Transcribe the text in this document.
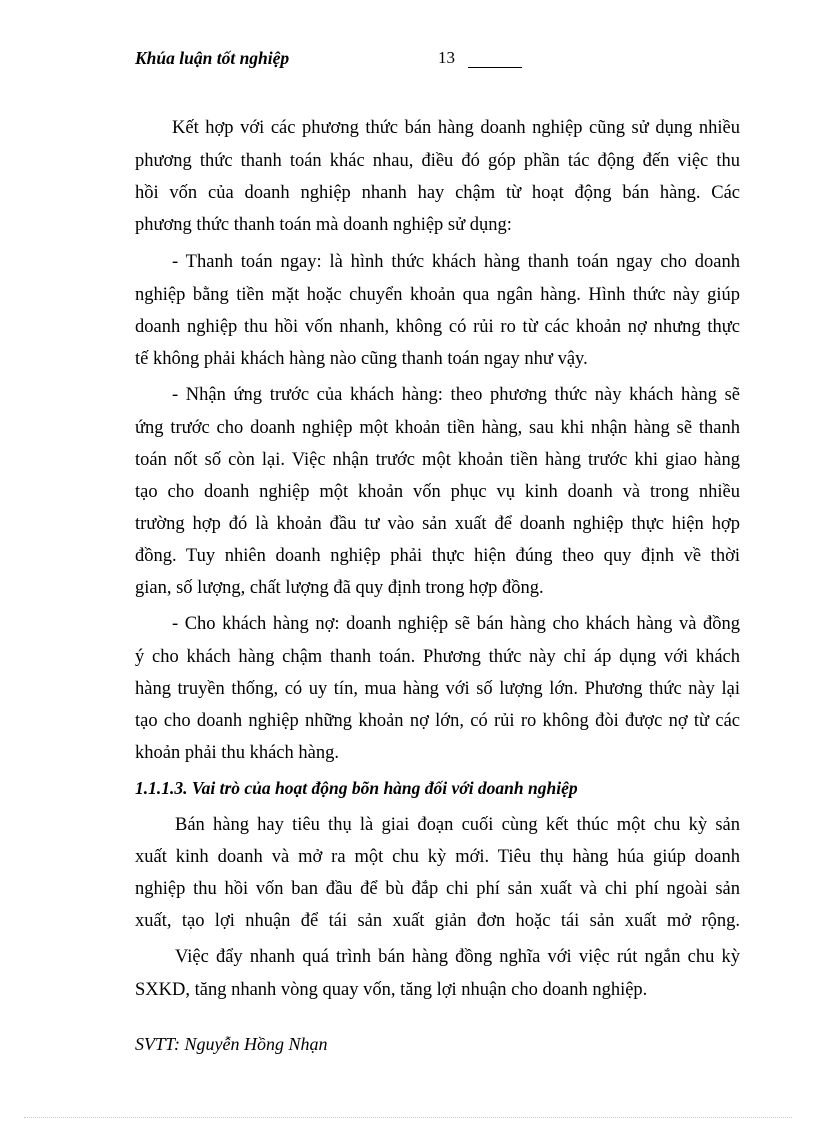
Khúa luận tốt nghiệp	13
Kết hợp với các phương thức bán hàng doanh nghiệp cũng sử dụng nhiều
phương thức thanh toán khác nhau, điều đó góp phần tác động đến việc thu
hồi vốn của doanh nghiệp nhanh hay chậm từ hoạt động bán hàng. Các
phương thức thanh toán mà doanh nghiệp sử dụng:
- Thanh toán ngay: là hình thức khách hàng thanh toán ngay cho doanh
nghiệp bằng tiền mặt hoặc chuyển khoản qua ngân hàng. Hình thức này giúp
doanh nghiệp thu hồi vốn nhanh, không có rủi ro từ các khoản nợ nhưng thực
tế không phải khách hàng nào cũng thanh toán ngay như vậy.
- Nhận ứng trước của khách hàng: theo phương thức này khách hàng sẽ
ứng trước cho doanh nghiệp một khoản tiền hàng, sau khi nhận hàng sẽ thanh
toán nốt số còn lại. Việc nhận trước một khoản tiền hàng trước khi giao hàng
tạo cho doanh nghiệp một khoản vốn phục vụ kinh doanh và trong nhiều
trường hợp đó là khoản đầu tư vào sản xuất để doanh nghiệp thực hiện hợp
đồng. Tuy nhiên doanh nghiệp phải thực hiện đúng theo quy định về thời
gian, số lượng, chất lượng đã quy định trong hợp đồng.
- Cho khách hàng nợ: doanh nghiệp sẽ bán hàng cho khách hàng và đồng
ý cho khách hàng chậm thanh toán. Phương thức này chỉ áp dụng với khách
hàng truyền thống, có uy tín, mua hàng với số lượng lớn. Phương thức này lại
tạo cho doanh nghiệp những khoản nợ lớn, có rủi ro không đòi được nợ từ các
khoản phải thu khách hàng.
1.1.1.3. Vai trò của hoạt động bõn hàng đối với doanh nghiệp
Bán hàng hay tiêu thụ là giai đoạn cuối cùng kết thúc một chu kỳ sản
xuất kinh doanh và mở ra một chu kỳ mới. Tiêu thụ hàng húa giúp doanh
nghiệp thu hồi vốn ban đầu để bù đắp chi phí sản xuất và chi phí ngoài sản
xuất, tạo lợi nhuận để tái sản xuất giản đơn hoặc tái sản xuất mở rộng.
Việc đẩy nhanh quá trình bán hàng đồng nghĩa với việc rút ngắn chu kỳ
SXKD, tăng nhanh vòng quay vốn, tăng lợi nhuận cho doanh nghiệp.
SVTT: Nguyễn Hồng Nhạn
